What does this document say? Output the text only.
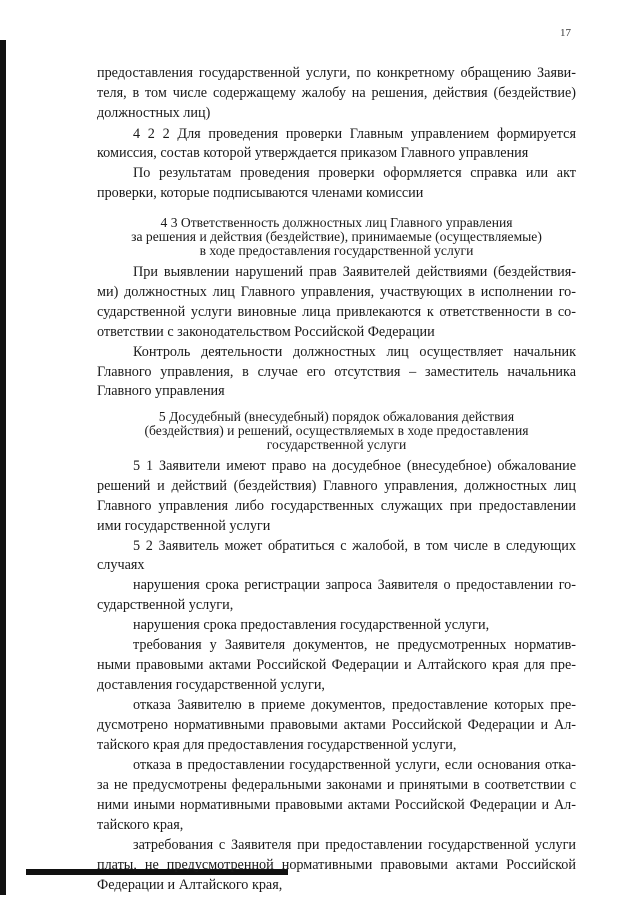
17
предоставления государственной услуги, по конкретному обращению Заяви-
теля, в том числе содержащему жалобу на решения, действия (бездействие)
должностных лиц)
4 2 2 Для проведения проверки Главным управлением формируется
комиссия, состав которой утверждается приказом Главного управления
По результатам проведения проверки оформляется справка или акт
проверки, которые подписываются членами комиссии
4 3 Ответственность должностных лиц Главного управления
за решения и действия (бездействие), принимаемые (осуществляемые)
в ходе предоставления государственной услуги
При выявлении нарушений прав Заявителей действиями (бездействия-
ми) должностных лиц Главного управления, участвующих в исполнении го-
сударственной услуги виновные лица привлекаются к ответственности в со-
ответствии с законодательством Российской Федерации
Контроль деятельности должностных лиц осуществляет начальник
Главного управления, в случае его отсутствия – заместитель начальника
Главного управления
5 Досудебный (внесудебный) порядок обжалования действия
(бездействия) и решений, осуществляемых в ходе предоставления
государственной услуги
5 1 Заявители имеют право на досудебное (внесудебное) обжалование
решений и действий (бездействия) Главного управления, должностных лиц
Главного управления либо государственных служащих при предоставлении
ими государственной услуги
5 2 Заявитель может обратиться с жалобой, в том числе в следующих
случаях
нарушения срока регистрации запроса Заявителя о предоставлении го-
сударственной услуги,
нарушения срока предоставления государственной услуги,
требования у Заявителя документов, не предусмотренных норматив-
ными правовыми актами Российской Федерации и Алтайского края для пре-
доставления государственной услуги,
отказа Заявителю в приеме документов, предоставление которых пре-
дусмотрено нормативными правовыми актами Российской Федерации и Ал-
тайского края для предоставления государственной услуги,
отказа в предоставлении государственной услуги, если основания отка-
за не предусмотрены федеральными законами и принятыми в соответствии с
ними иными нормативными правовыми актами Российской Федерации и Ал-
тайского края,
затребования с Заявителя при предоставлении государственной услуги
платы, не предусмотренной нормативными правовыми актами Российской
Федерации и Алтайского края,
